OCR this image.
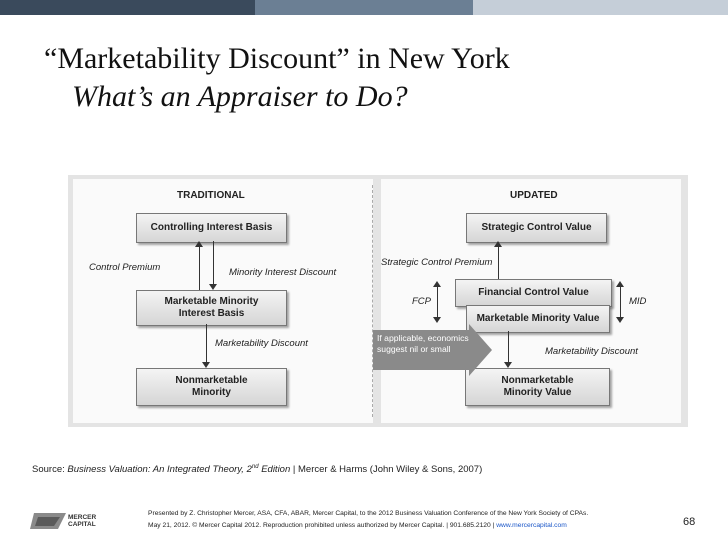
“Marketability Discount” in New York
What’s an Appraiser to Do?
TRADITIONAL
Controlling Interest Basis
Marketable Minority
Interest Basis
Nonmarketable
Minority
Control Premium	Minority Interest Discount
Marketability Discount
UPDATED
Strategic Control Value
Financial Control Value
Marketable Minority Value
Nonmarketable
Minority Value
Strategic Control Premium
FCP	MID
Marketability Discount
If applicable, economics
suggest nil or small
Source: Business Valuation: An Integrated Theory, 2nd Edition | Mercer & Harms (John Wiley & Sons, 2007)
MERCER
CAPITAL
Presented by Z. Christopher Mercer, ASA, CFA, ABAR, Mercer Capital, to the 2012 Business Valuation Conference of the New York Society of CPAs.
May 21, 2012. © Mercer Capital 2012. Reproduction prohibited unless authorized by Mercer Capital. | 901.685.2120 | www.mercercapital.com	68
